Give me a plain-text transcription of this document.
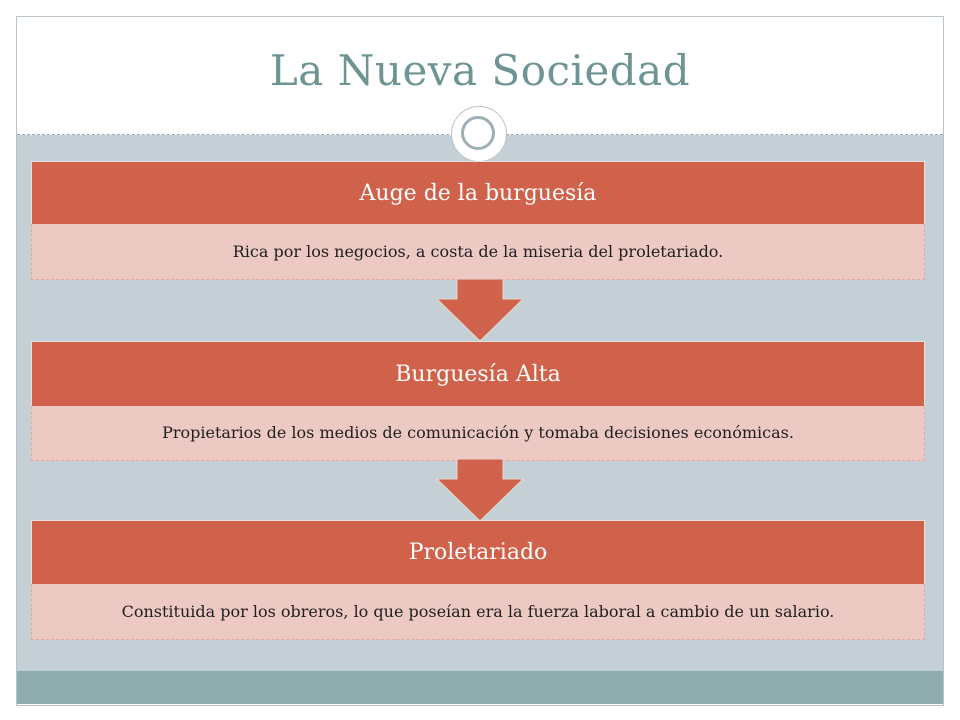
La Nueva Sociedad
Auge de la burguesía
Rica por los negocios, a costa de la miseria del proletariado.
Burguesía Alta
Propietarios de los medios de comunicación y tomaba decisiones económicas.
Proletariado
Constituida por los obreros, lo que poseían era la fuerza laboral a cambio de un salario.
